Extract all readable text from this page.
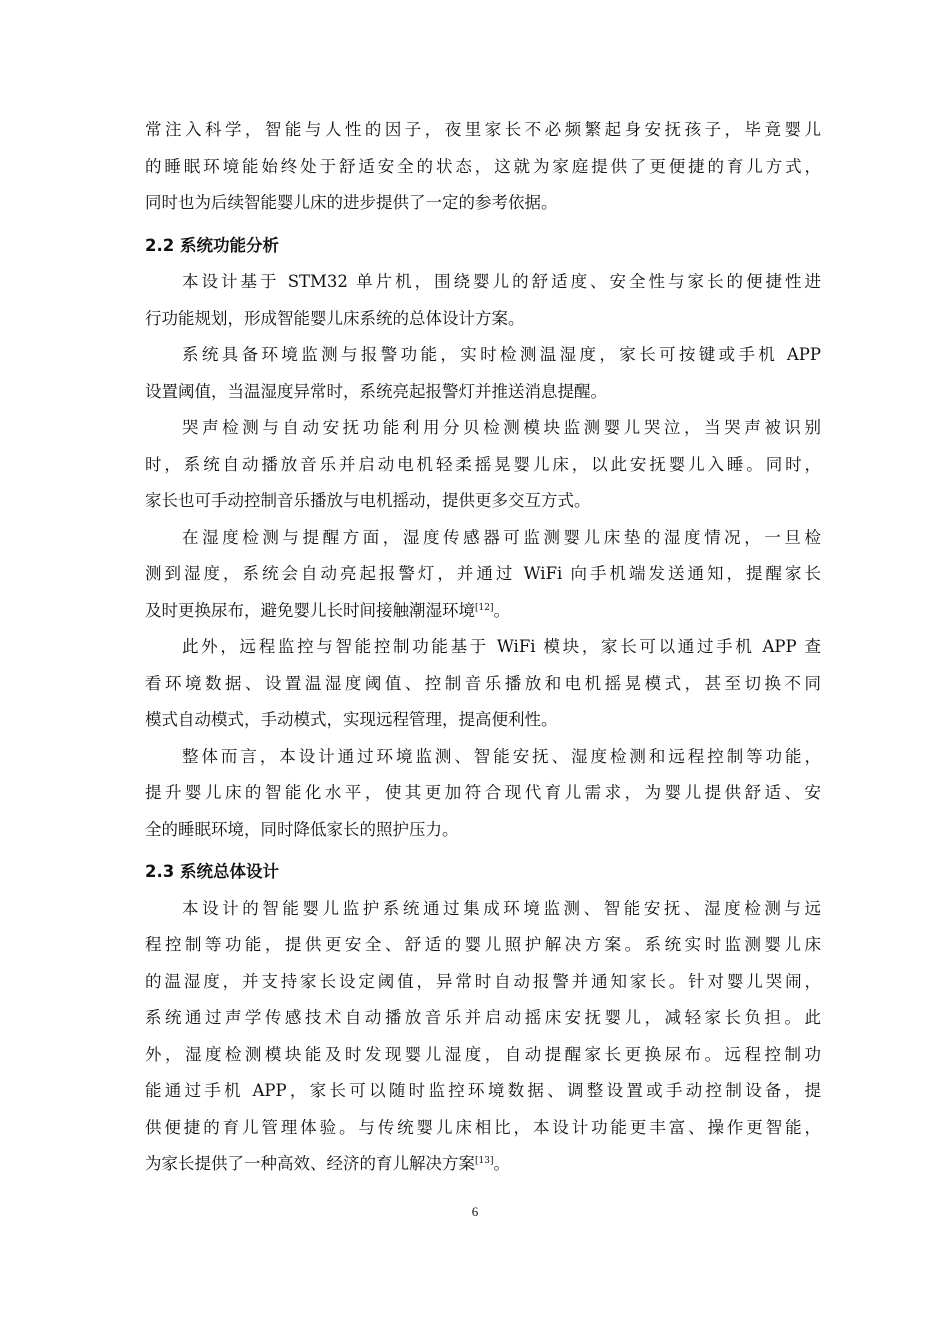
常注入科学，智能与人性的因子，夜里家长不必频繁起身安抚孩子，毕竟婴儿

的睡眠环境能始终处于舒适安全的状态，这就为家庭提供了更便捷的育儿方式，

同时也为后续智能婴儿床的进步提供了一定的参考依据。

2.2 系统功能分析

本设计基于 STM32 单片机，围绕婴儿的舒适度、安全性与家长的便捷性进

行功能规划，形成智能婴儿床系统的总体设计方案。

系统具备环境监测与报警功能，实时检测温湿度，家长可按键或手机 APP

设置阈值，当温湿度异常时，系统亮起报警灯并推送消息提醒。

哭声检测与自动安抚功能利用分贝检测模块监测婴儿哭泣，当哭声被识别

时，系统自动播放音乐并启动电机轻柔摇晃婴儿床，以此安抚婴儿入睡。同时，

家长也可手动控制音乐播放与电机摇动，提供更多交互方式。

在湿度检测与提醒方面，湿度传感器可监测婴儿床垫的湿度情况，一旦检

测到湿度，系统会自动亮起报警灯，并通过 WiFi 向手机端发送通知，提醒家长

及时更换尿布，避免婴儿长时间接触潮湿环境[12]。

此外，远程监控与智能控制功能基于 WiFi 模块，家长可以通过手机 APP 查

看环境数据、设置温湿度阈值、控制音乐播放和电机摇晃模式，甚至切换不同

模式自动模式，手动模式，实现远程管理，提高便利性。

整体而言，本设计通过环境监测、智能安抚、湿度检测和远程控制等功能，

提升婴儿床的智能化水平，使其更加符合现代育儿需求，为婴儿提供舒适、安

全的睡眠环境，同时降低家长的照护压力。

2.3 系统总体设计

本设计的智能婴儿监护系统通过集成环境监测、智能安抚、湿度检测与远

程控制等功能，提供更安全、舒适的婴儿照护解决方案。系统实时监测婴儿床

的温湿度，并支持家长设定阈值，异常时自动报警并通知家长。针对婴儿哭闹，

系统通过声学传感技术自动播放音乐并启动摇床安抚婴儿，减轻家长负担。此

外，湿度检测模块能及时发现婴儿湿度，自动提醒家长更换尿布。远程控制功

能通过手机 APP，家长可以随时监控环境数据、调整设置或手动控制设备，提

供便捷的育儿管理体验。与传统婴儿床相比，本设计功能更丰富、操作更智能，

为家长提供了一种高效、经济的育儿解决方案[13]。

6
